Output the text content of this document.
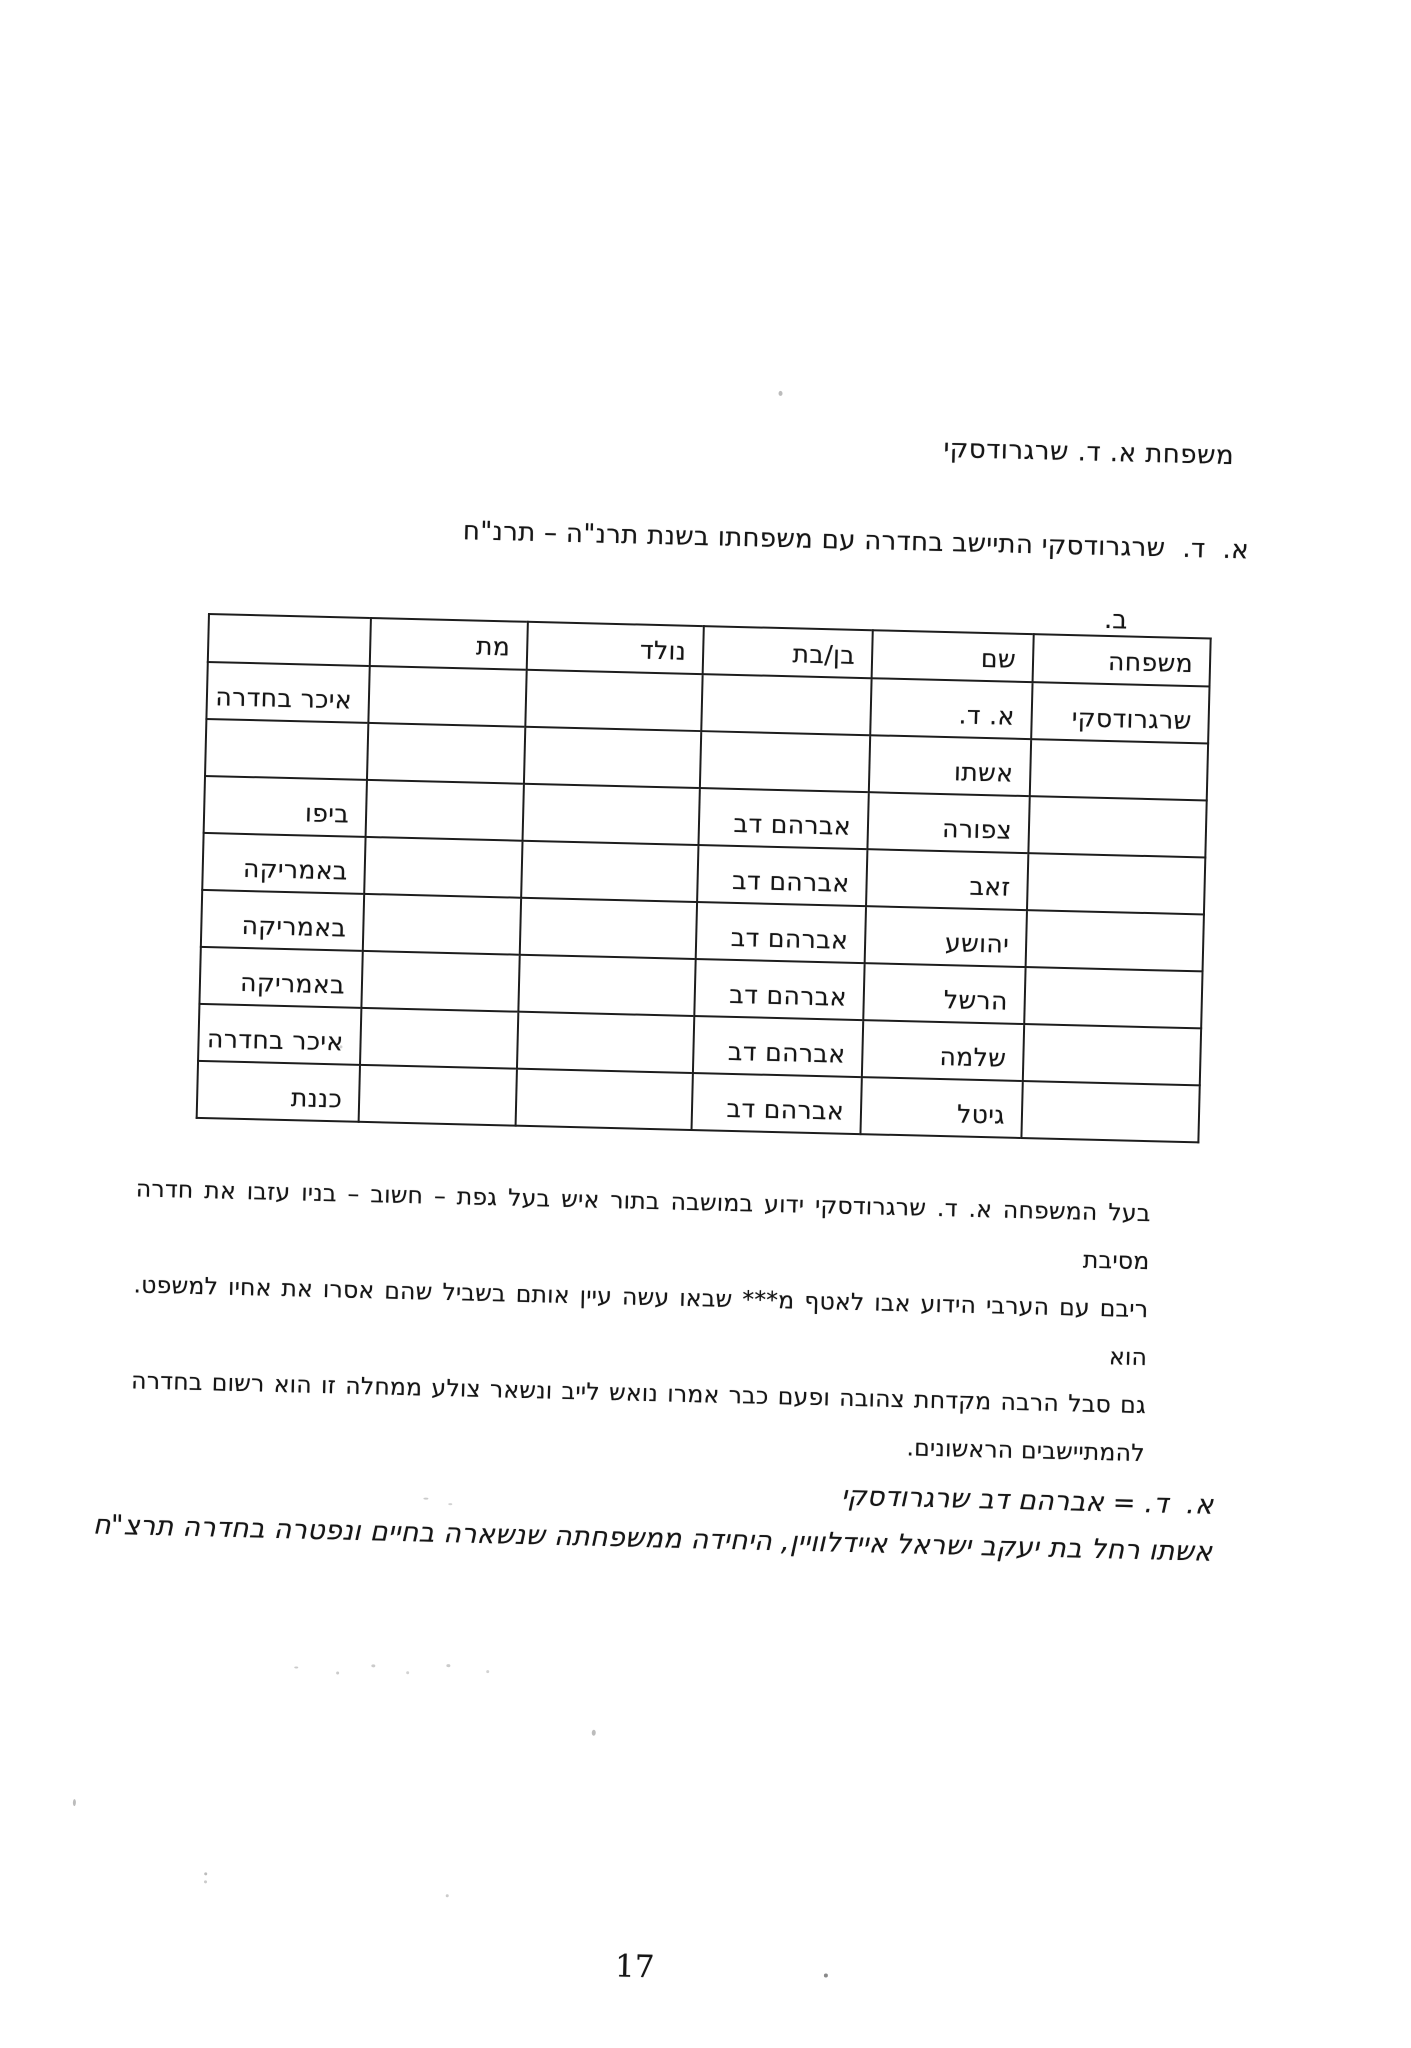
משפחת א. ד. שרגרודסקי
א.  ד.  שרגרודסקי התיישב בחדרה עם משפחתו בשנת תרנ"ה – תרנ"ח
ב.
משפחה	שם	בן/בת	נולד	מת	
שרגרודסקי	א. ד.				איכר בחדרה
	אשתו				
	צפורה	אברהם דב			ביפו
	זאב	אברהם דב			באמריקה
	יהושע	אברהם דב			באמריקה
	הרשל	אברהם דב			באמריקה
	שלמה	אברהם דב			איכר בחדרה
	גיטל	אברהם דב			כננת
בעל המשפחה א. ד. שרגרודסקי ידוע במושבה בתור איש בעל גפת – חשוב – בניו עזבו את חדרה מסיבת
ריבם עם הערבי הידוע אבו לאטף מ*** שבאו עשה עיין אותם בשביל שהם אסרו את אחיו למשפט. הוא
גם סבל הרבה מקדחת צהובה ופעם כבר אמרו נואש לייב ונשאר צולע ממחלה זו הוא רשום בחדרה
להמתיישבים הראשונים.
א.  ד. = אברהם דב שרגרודסקי
אשתו רחל בת יעקב ישראל איידלוויין, היחידה ממשפחתה שנשארה בחיים ונפטרה בחדרה תרצ"ח
17
